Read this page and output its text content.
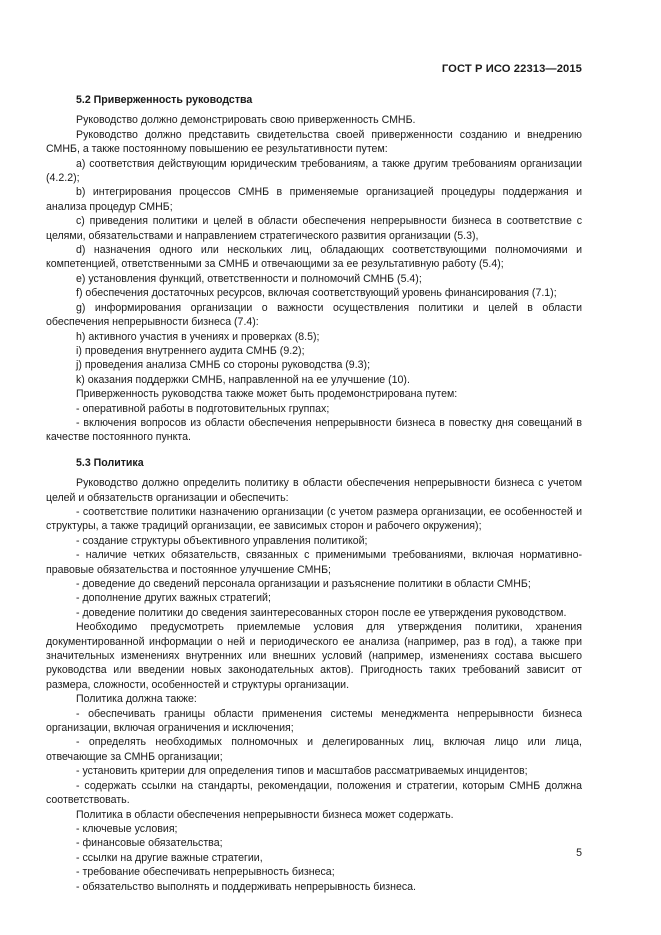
ГОСТ Р ИСО 22313—2015
5.2 Приверженность руководства
Руководство должно демонстрировать свою приверженность СМНБ.
Руководство должно представить свидетельства своей приверженности созданию и внедрению СМНБ, а также постоянному повышению ее результативности путем:
a) соответствия действующим юридическим требованиям, а также другим требованиям организации (4.2.2);
b) интегрирования процессов СМНБ в применяемые организацией процедуры поддержания и анализа процедур СМНБ;
c) приведения политики и целей в области обеспечения непрерывности бизнеса в соответствие с целями, обязательствами и направлением стратегического развития организации (5.3),
d) назначения одного или нескольких лиц, обладающих соответствующими полномочиями и компетенцией, ответственными за СМНБ и отвечающими за ее результативную работу (5.4);
e) установления функций, ответственности и полномочий СМНБ (5.4);
f) обеспечения достаточных ресурсов, включая соответствующий уровень финансирования (7.1);
g) информирования организации о важности осуществления политики и целей в области обеспечения непрерывности бизнеса (7.4):
h) активного участия в учениях и проверках (8.5);
i) проведения внутреннего аудита СМНБ (9.2);
j) проведения анализа СМНБ со стороны руководства (9.3);
k) оказания поддержки СМНБ, направленной на ее улучшение (10).
Приверженность руководства также может быть продемонстрирована путем:
- оперативной работы в подготовительных группах;
- включения вопросов из области обеспечения непрерывности бизнеса в повестку дня совещаний в качестве постоянного пункта.
5.3 Политика
Руководство должно определить политику в области обеспечения непрерывности бизнеса с учетом целей и обязательств организации и обеспечить:
- соответствие политики назначению организации (с учетом размера организации, ее особенностей и структуры, а также традиций организации, ее зависимых сторон и рабочего окружения);
- создание структуры объективного управления политикой;
- наличие четких обязательств, связанных с применимыми требованиями, включая нормативно-правовые обязательства и постоянное улучшение СМНБ;
- доведение до сведений персонала организации и разъяснение политики в области СМНБ;
- дополнение других важных стратегий;
- доведение политики до сведения заинтересованных сторон после ее утверждения руководством.
Необходимо предусмотреть приемлемые условия для утверждения политики, хранения документированной информации о ней и периодического ее анализа (например, раз в год), а также при значительных изменениях внутренних или внешних условий (например, изменениях состава высшего руководства или введении новых законодательных актов). Пригодность таких требований зависит от размера, сложности, особенностей и структуры организации.
Политика должна также:
- обеспечивать границы области применения системы менеджмента непрерывности бизнеса организации, включая ограничения и исключения;
- определять необходимых полномочных и делегированных лиц, включая лицо или лица, отвечающие за СМНБ организации;
- установить критерии для определения типов и масштабов рассматриваемых инцидентов;
- содержать ссылки на стандарты, рекомендации, положения и стратегии, которым СМНБ должна соответствовать.
Политика в области обеспечения непрерывности бизнеса может содержать.
- ключевые условия;
- финансовые обязательства;
- ссылки на другие важные стратегии,
- требование обеспечивать непрерывность бизнеса;
- обязательство выполнять и поддерживать непрерывность бизнеса.
5
